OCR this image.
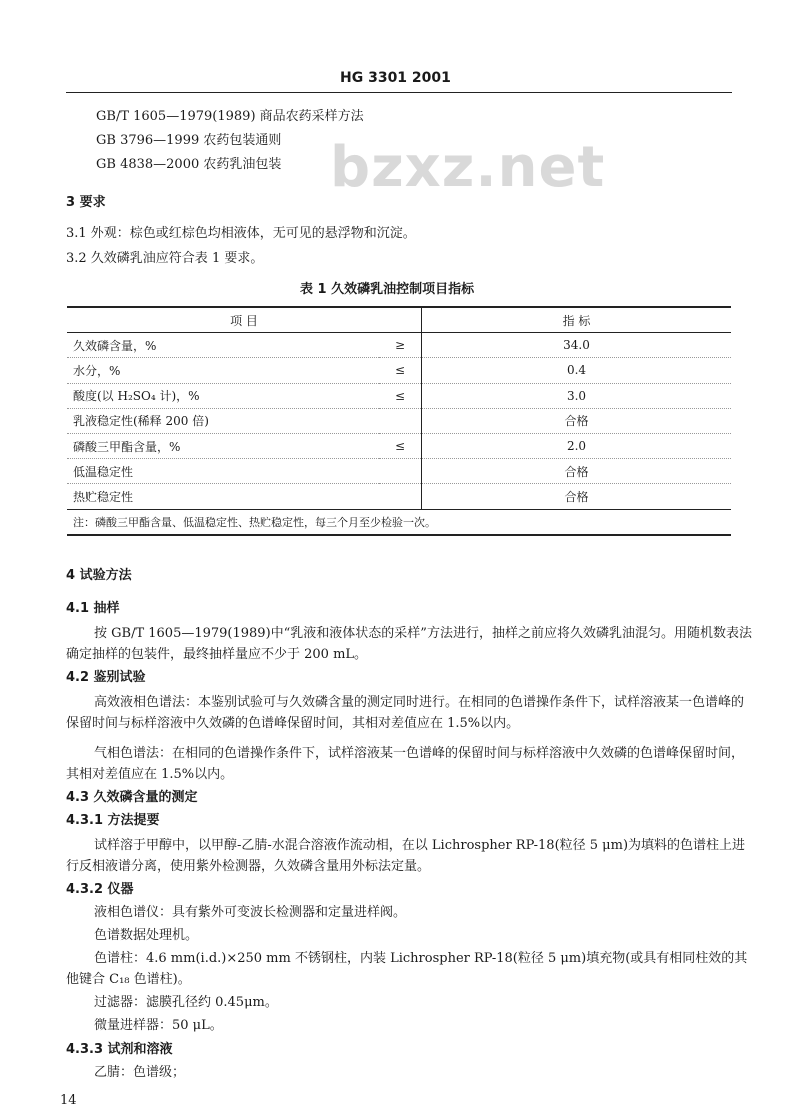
HG 3301 2001
bzxz.net
GB/T 1605—1979(1989) 商品农药采样方法
GB 3796—1999 农药包装通则
GB 4838—2000 农药乳油包装
3 要求
3.1 外观：棕色或红棕色均相液体，无可见的悬浮物和沉淀。
3.2 久效磷乳油应符合表 1 要求。
表 1 久效磷乳油控制项目指标
项 目		指 标
久效磷含量，%	≥	34.0
水分，%	≤	0.4
酸度(以 H₂SO₄ 计)，%	≤	3.0
乳液稳定性(稀释 200 倍)		合格
磷酸三甲酯含量，%	≤	2.0
低温稳定性		合格
热贮稳定性		合格
注：磷酸三甲酯含量、低温稳定性、热贮稳定性，每三个月至少检验一次。		
4 试验方法
4.1 抽样
按 GB/T 1605—1979(1989)中“乳液和液体状态的采样”方法进行，抽样之前应将久效磷乳油混匀。用随机数表法确定抽样的包装件，最终抽样量应不少于 200 mL。
4.2 鉴别试验
高效液相色谱法：本鉴别试验可与久效磷含量的测定同时进行。在相同的色谱操作条件下，试样溶液某一色谱峰的保留时间与标样溶液中久效磷的色谱峰保留时间，其相对差值应在 1.5%以内。
气相色谱法：在相同的色谱操作条件下，试样溶液某一色谱峰的保留时间与标样溶液中久效磷的色谱峰保留时间，其相对差值应在 1.5%以内。
4.3 久效磷含量的测定
4.3.1 方法提要
试样溶于甲醇中，以甲醇-乙腈-水混合溶液作流动相，在以 Lichrospher RP-18(粒径 5 μm)为填料的色谱柱上进行反相液谱分离，使用紫外检测器，久效磷含量用外标法定量。
4.3.2 仪器
液相色谱仪：具有紫外可变波长检测器和定量进样阀。
色谱数据处理机。
色谱柱：4.6 mm(i.d.)×250 mm 不锈钢柱，内装 Lichrospher RP-18(粒径 5 μm)填充物(或具有相同柱效的其他键合 C₁₈ 色谱柱)。
过滤器：滤膜孔径约 0.45μm。
微量进样器：50 μL。
4.3.3 试剂和溶液
乙腈：色谱级；
14
